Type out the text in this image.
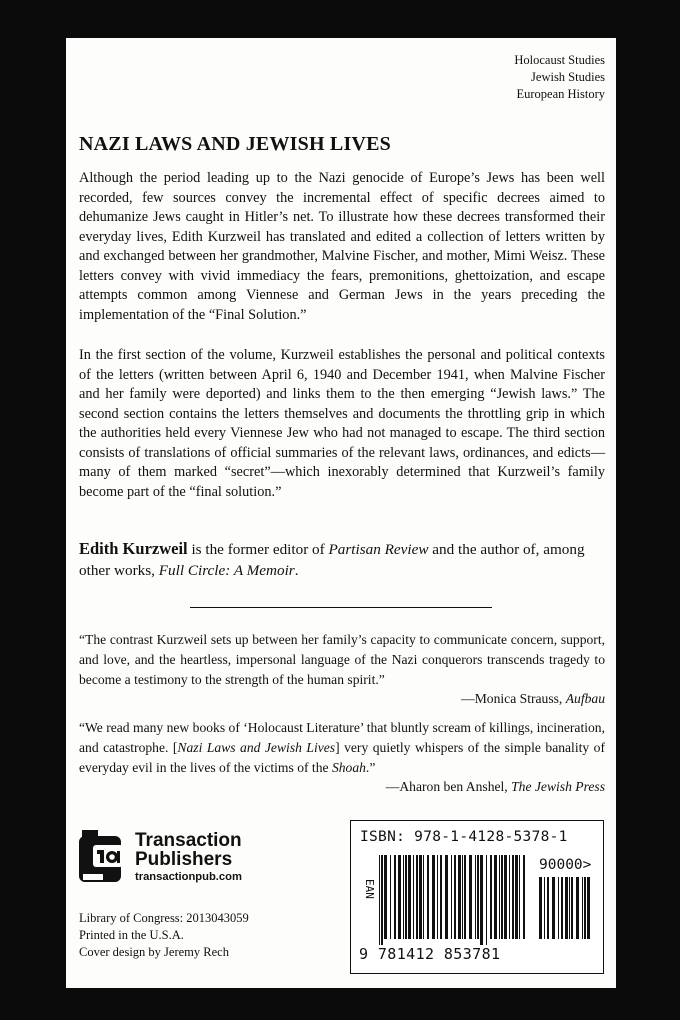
Holocaust Studies
Jewish Studies
European History
NAZI LAWS AND JEWISH LIVES

Although the period leading up to the Nazi genocide of Europe’s Jews has been well recorded, few sources convey the incremental effect of specific decrees aimed to dehumanize Jews caught in Hitler’s net. To illustrate how these decrees transformed their everyday lives, Edith Kurzweil has translated and edited a collection of letters written by and exchanged between her grandmother, Malvine Fischer, and mother, Mimi Weisz. These letters convey with vivid immediacy the fears, premonitions, ghettoization, and escape attempts common among Viennese and German Jews in the years preceding the implementation of the “Final Solution.”

In the first section of the volume, Kurzweil establishes the personal and political contexts of the letters (written between April 6, 1940 and December 1941, when Malvine Fischer and her family were deported) and links them to the then emerging “Jewish laws.” The second section contains the letters themselves and documents the throttling grip in which the authorities held every Viennese Jew who had not managed to escape. The third section consists of translations of official summaries of the relevant laws, ordinances, and edicts—many of them marked “secret”—which inexorably determined that Kurzweil’s family become part of the “final solution.”

Edith Kurzweil is the former editor of Partisan Review and the author of, among other works, Full Circle: A Memoir.

“The contrast Kurzweil sets up between her family’s capacity to communicate concern, support, and love, and the heartless, impersonal language of the Nazi conquerors transcends tragedy to become a testimony to the strength of the human spirit.”
—Monica Strauss, Aufbau

“We read many new books of ‘Holocaust Literature’ that bluntly scream of killings, incineration, and catastrophe. [Nazi Laws and Jewish Lives] very quietly whispers of the simple banality of everyday evil in the lives of the victims of the Shoah.”
—Aharon ben Anshel, The Jewish Press

Transaction
Publishers
transactionpub.com
Library of Congress: 2013043059
Printed in the U.S.A.
Cover design by Jeremy Rech
ISBN: 978-1-4128-5378-1
90000>
EAN
9 781412 853781
